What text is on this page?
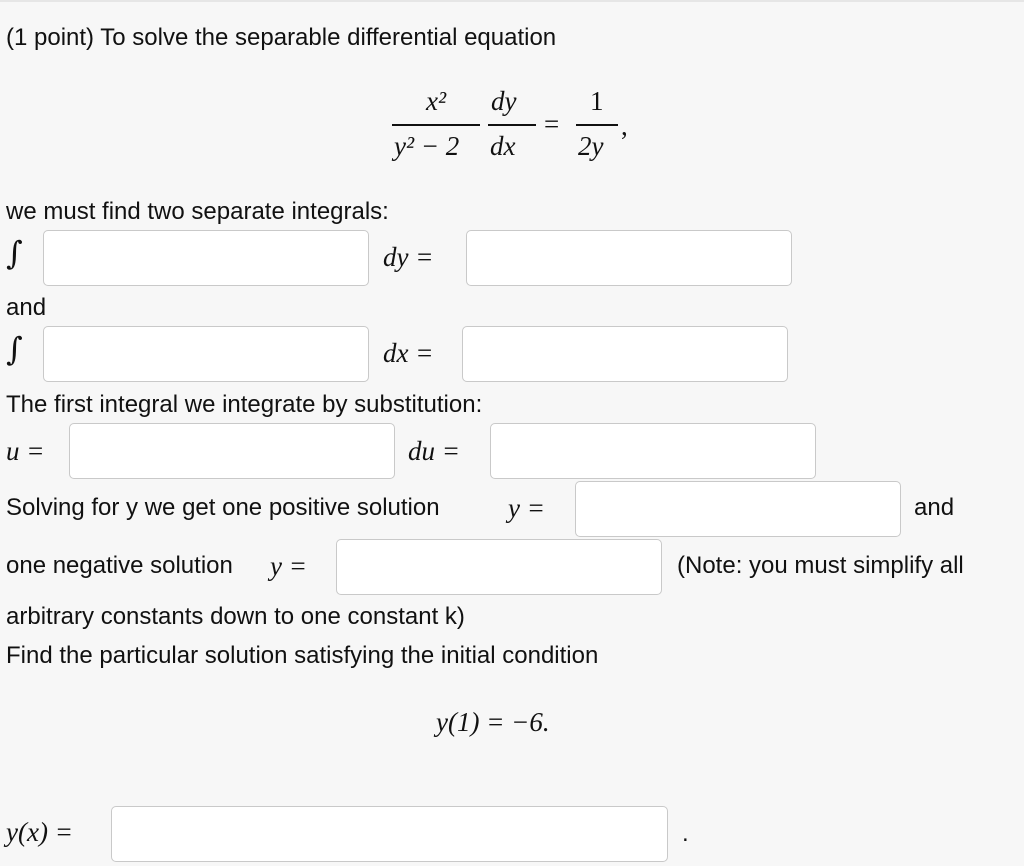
(1 point) To solve the separable differential equation
x²
y² − 2
dy
dx
=
1
2y
,
we must find two separate integrals:
∫	dy =
and
∫	dx =
The first integral we integrate by substitution:
u =	du =
Solving for y we get one positive solution	y =	and
one negative solution y =	(Note: you must simplify all
arbitrary constants down to one constant k)
Find the particular solution satisfying the initial condition
y(1) = −6.
y(x) =	.
